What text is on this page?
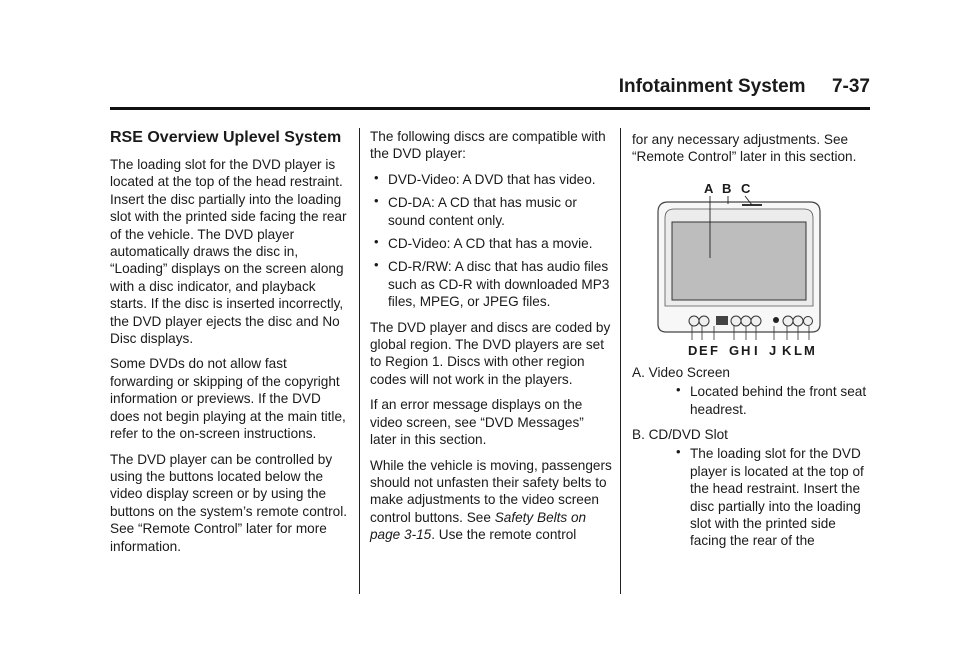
Infotainment System     7-37
RSE Overview Uplevel System

The loading slot for the DVD player is located at the top of the head restraint. Insert the disc partially into the loading slot with the printed side facing the rear of the vehicle. The DVD player automatically draws the disc in, “Loading” displays on the screen along with a disc indicator, and playback starts. If the disc is inserted incorrectly, the DVD player ejects the disc and No Disc displays.

Some DVDs do not allow fast forwarding or skipping of the copyright information or previews. If the DVD does not begin playing at the main title, refer to the on-screen instructions.

The DVD player can be controlled by using the buttons located below the video display screen or by using the buttons on the system’s remote control. See “Remote Control” later for more information.

The following discs are compatible with the DVD player:

• DVD-Video: A DVD that has video.
• CD-DA: A CD that has music or sound content only.
• CD-Video: A CD that has a movie.
• CD-R/RW: A disc that has audio files such as CD-R with downloaded MP3 files, MPEG, or JPEG files.

The DVD player and discs are coded by global region. The DVD players are set to Region 1. Discs with other region codes will not work in the players.

If an error message displays on the video screen, see “DVD Messages” later in this section.

While the vehicle is moving, passengers should not unfasten their safety belts to make adjustments to the video screen control buttons. See Safety Belts on page 3-15. Use the remote control

for any necessary adjustments. See “Remote Control” later in this section.

A B C
D E F G H I J K L M
A. Video Screen
• Located behind the front seat headrest.
B. CD/DVD Slot
• The loading slot for the DVD player is located at the top of the head restraint. Insert the disc partially into the loading slot with the printed side facing the rear of the
